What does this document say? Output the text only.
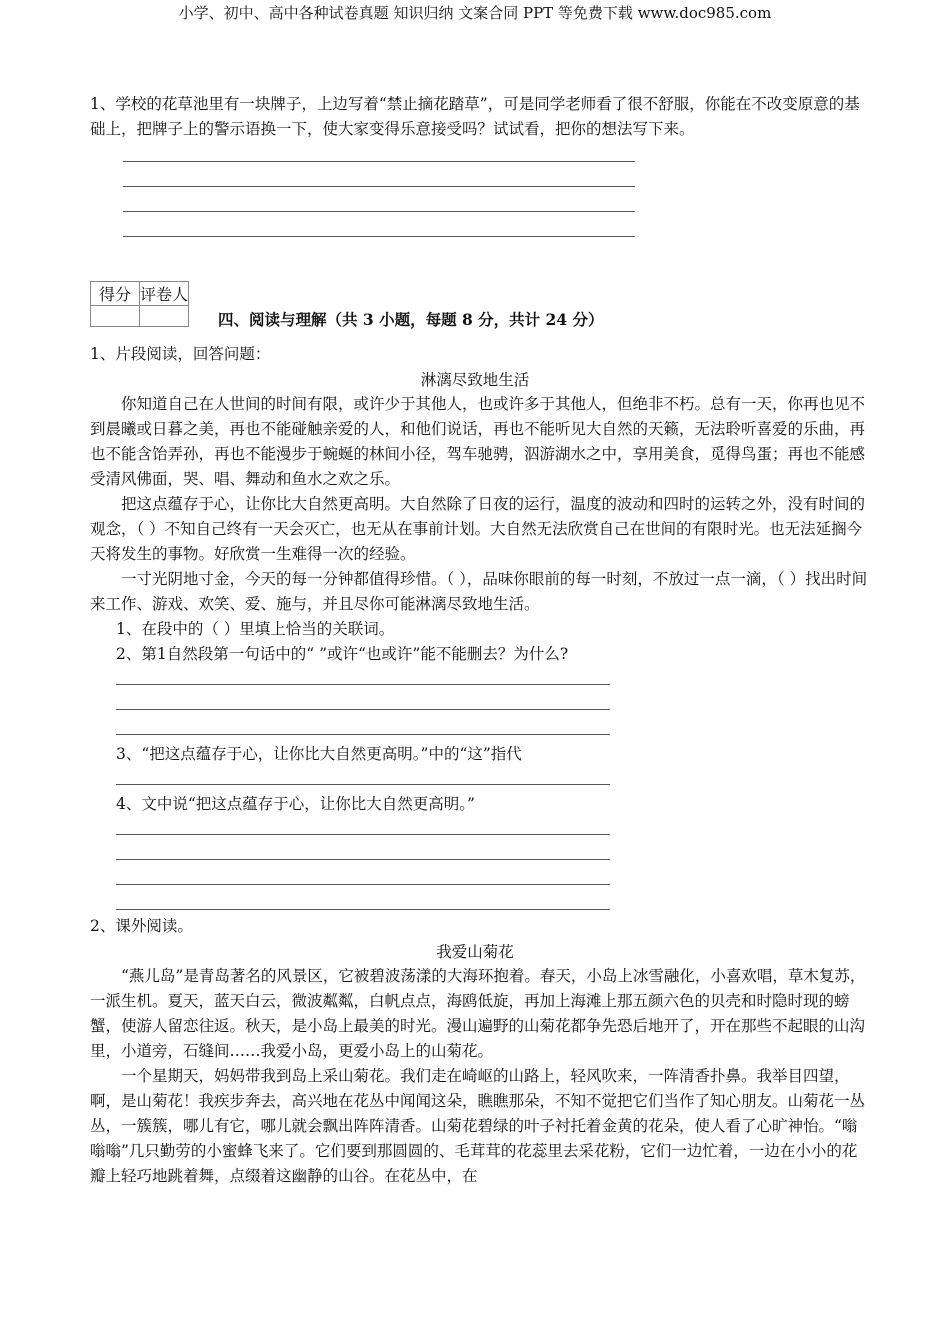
小学、初中、高中各种试卷真题 知识归纳 文案合同 PPT 等免费下载 www.doc985.com

1、学校的花草池里有一块牌子，上边写着“禁止摘花踏草”，可是同学老师看了很不舒服，你能在不改变原意的基础上，把牌子上的警示语换一下，使大家变得乐意接受吗？试试看，把你的想法写下来。

得分	评卷人

四、阅读与理解（共 3 小题，每题 8 分，共计 24 分）

1、片段阅读，回答问题：

淋漓尽致地生活

你知道自己在人世间的时间有限，或许少于其他人，也或许多于其他人，但绝非不朽。总有一天，你再也见不到晨曦或日暮之美，再也不能碰触亲爱的人，和他们说话，再也不能听见大自然的天籁，无法聆听喜爱的乐曲，再也不能含饴弄孙，再也不能漫步于蜿蜒的林间小径，驾车驰骋，泅游湖水之中，享用美食，觅得鸟蛋；再也不能感受清风佛面，哭、唱、舞动和鱼水之欢之乐。

把这点蕴存于心，让你比大自然更高明。大自然除了日夜的运行，温度的波动和四时的运转之外，没有时间的观念，（ ）不知自己终有一天会灭亡，也无从在事前计划。大自然无法欣赏自己在世间的有限时光。也无法延搁今天将发生的事物。好欣赏一生难得一次的经验。

一寸光阴地寸金，今天的每一分钟都值得珍惜。（ ），品味你眼前的每一时刻，不放过一点一滴，（ ）找出时间来工作、游戏、欢笑、爱、施与，并且尽你可能淋漓尽致地生活。

1、在段中的（ ）里填上恰当的关联词。

2、第1自然段第一句话中的“ ”或许“也或许”能不能删去？为什么?

3、“把这点蕴存于心，让你比大自然更高明。”中的“这”指代

4、文中说“把这点蕴存于心，让你比大自然更高明。”

2、课外阅读。

我爱山菊花

“燕儿岛”是青岛著名的风景区，它被碧波荡漾的大海环抱着。春天，小岛上冰雪融化，小喜欢唱，草木复苏，一派生机。夏天，蓝天白云，微波粼粼，白帆点点，海鸥低旋，再加上海滩上那五颜六色的贝壳和时隐时现的螃蟹，使游人留恋往返。秋天，是小岛上最美的时光。漫山遍野的山菊花都争先恐后地开了，开在那些不起眼的山沟里，小道旁，石缝间……我爱小岛，更爱小岛上的山菊花。

一个星期天，妈妈带我到岛上采山菊花。我们走在崎岖的山路上，轻风吹来，一阵清香扑鼻。我举目四望，啊，是山菊花！我疾步奔去，高兴地在花丛中闻闻这朵，瞧瞧那朵，不知不觉把它们当作了知心朋友。山菊花一丛丛，一簇簇，哪儿有它，哪儿就会飘出阵阵清香。山菊花碧绿的叶子衬托着金黄的花朵，使人看了心旷神怡。“嗡嗡嗡”几只勤劳的小蜜蜂飞来了。它们要到那圆圆的、毛茸茸的花蕊里去采花粉，它们一边忙着，一边在小小的花瓣上轻巧地跳着舞，点缀着这幽静的山谷。在花丛中，在
